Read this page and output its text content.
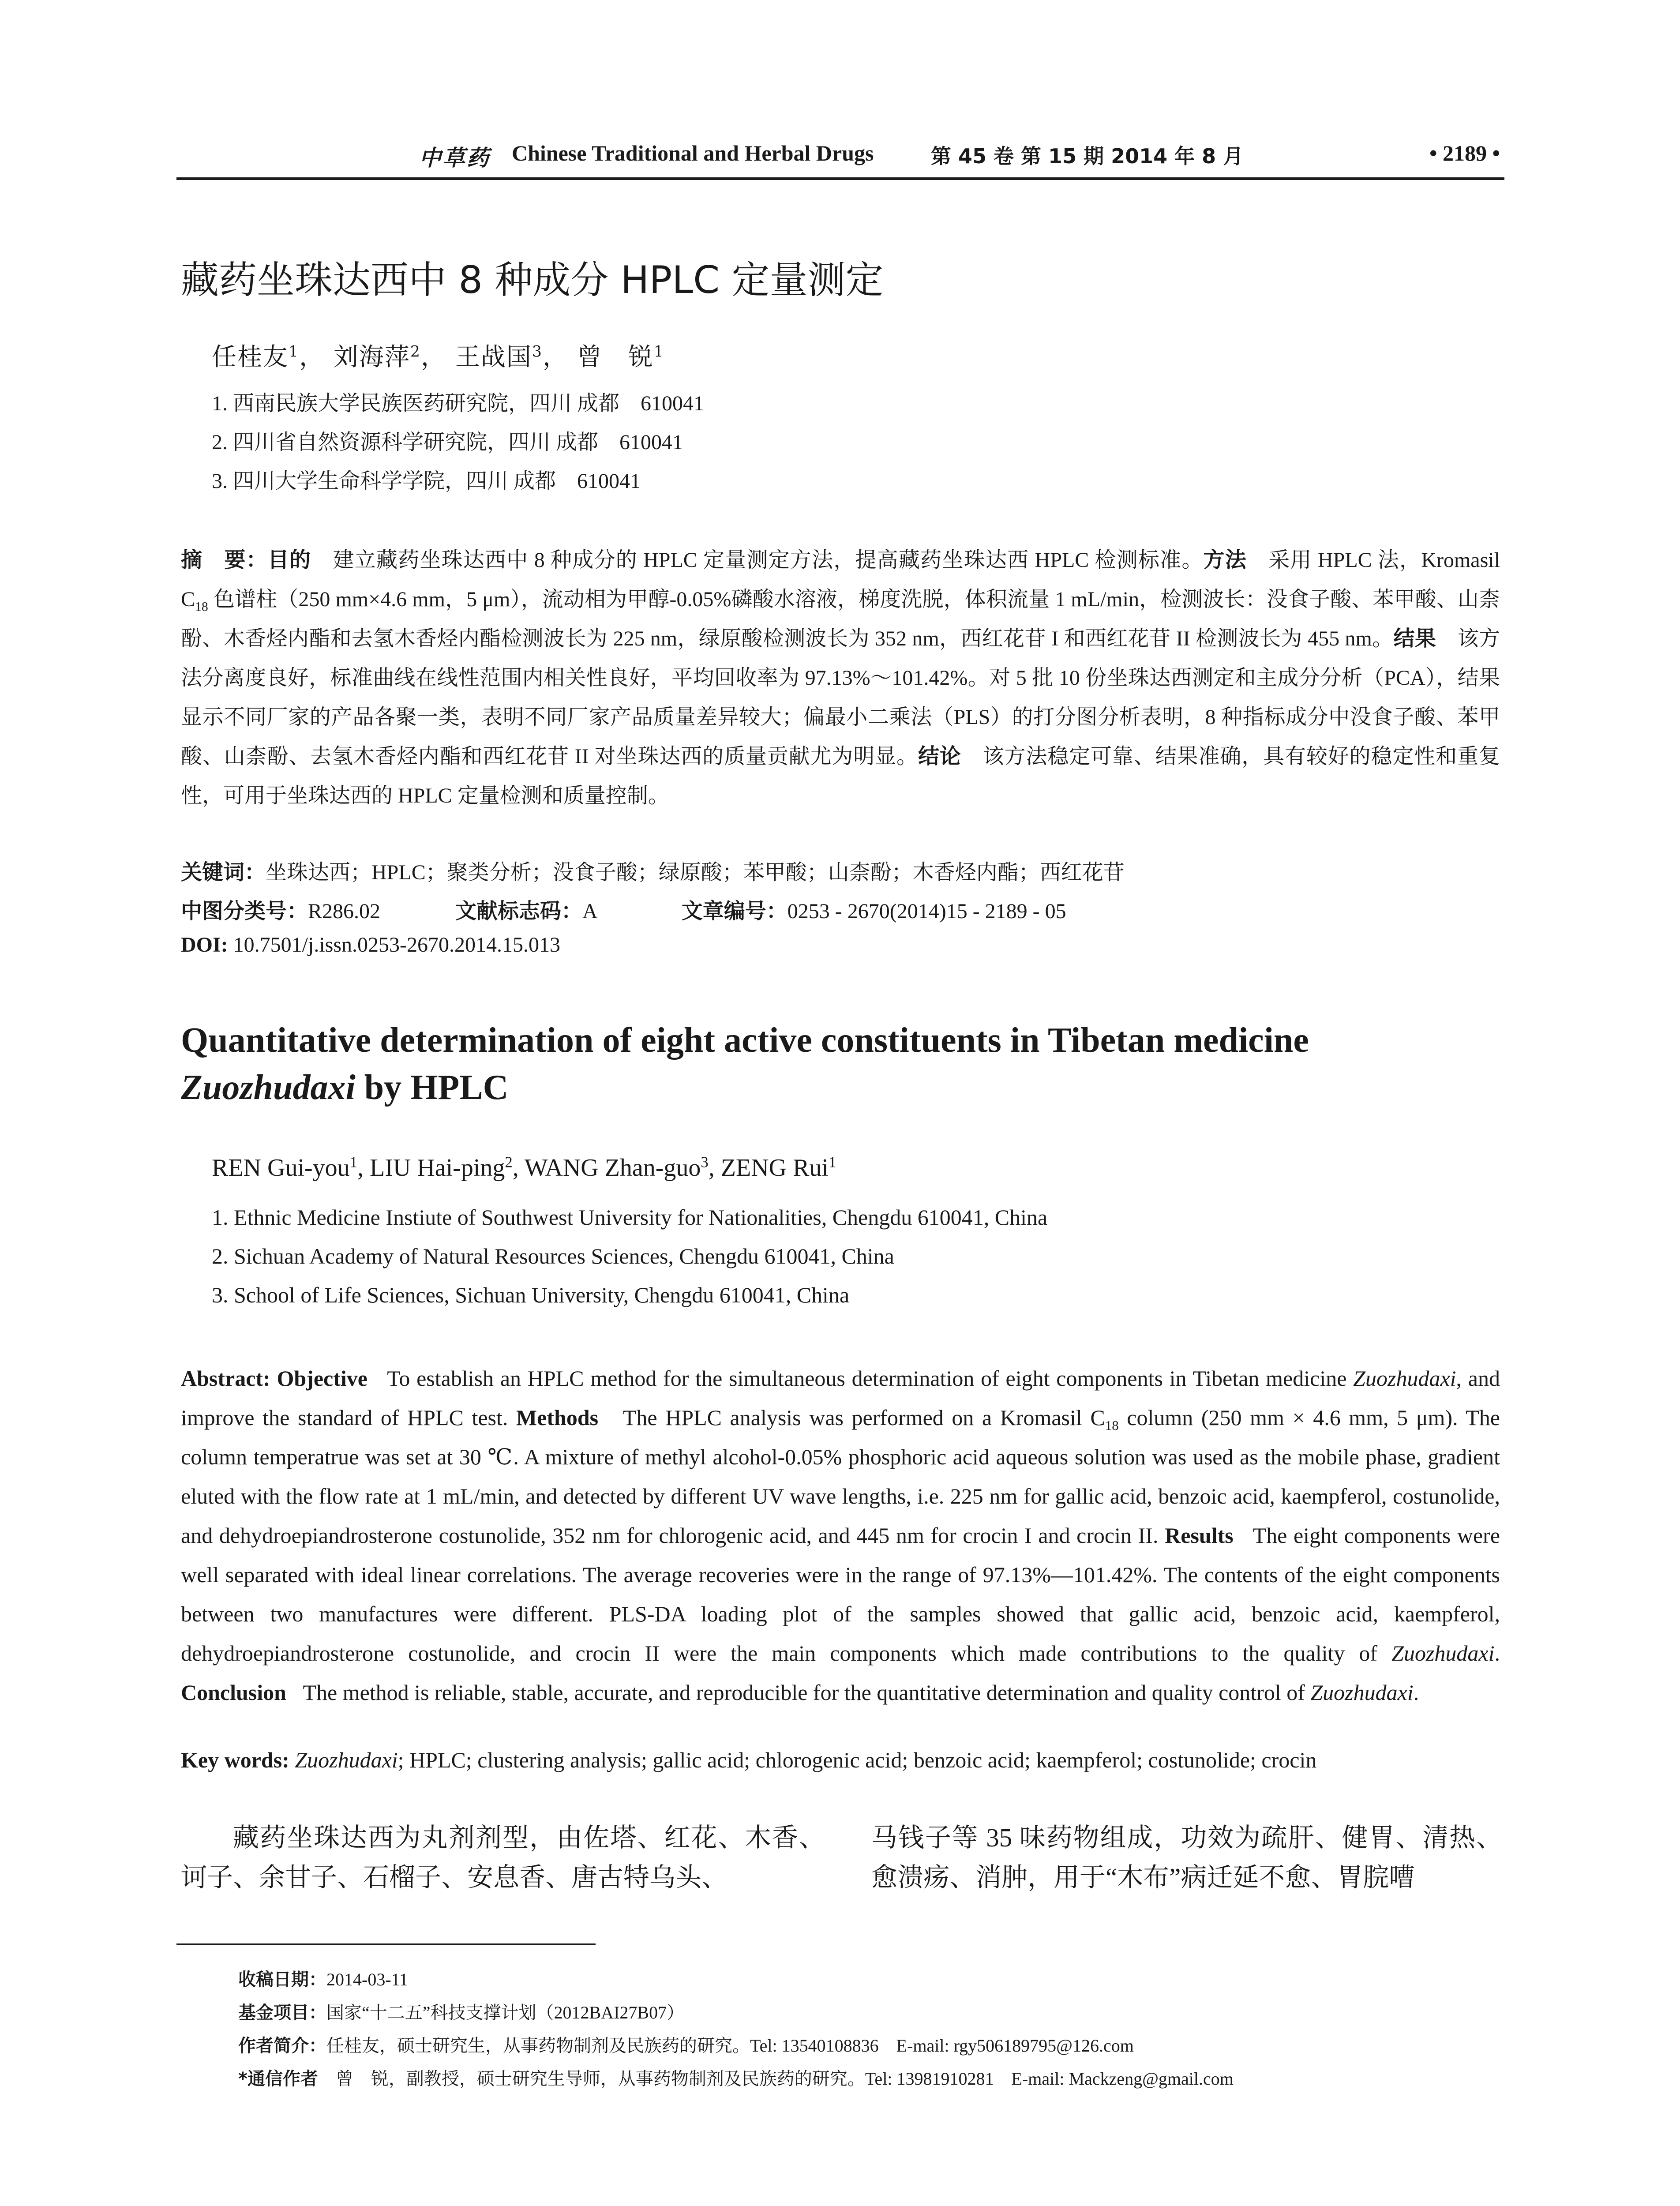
中草药 Chinese Traditional and Herbal Drugs	第 45 卷 第 15 期 2014 年 8 月	• 2189 •
藏药坐珠达西中 8 种成分 HPLC 定量测定
任桂友$^1$， 刘海萍$^2$， 王战国$^3$， 曾　锐$^1$
1. 西南民族大学民族医药研究院，四川 成都　610041
2. 四川省自然资源科学研究院，四川 成都　610041
3. 四川大学生命科学学院，四川 成都　610041
摘　要：目的　 建立藏药坐珠达西中 8 种成分的 HPLC 定量测定方法，提高藏药坐珠达西 HPLC 检测标准。方法　 采用 HPLC 法，Kromasil $C_{18}$ 色谱柱（250 mm×4.6 mm，5 μm），流动相为甲醇-0.05%磷酸水溶液，梯度洗脱，体积流量 1 mL/min，检测波长：没食子酸、苯甲酸、山柰酚、木香烃内酯和去氢木香烃内酯检测波长为 225 nm，绿原酸检测波长为 352 nm，西红花苷 I 和西红花苷 II 检测波长为 455 nm。结果　 该方法分离度良好，标准曲线在线性范围内相关性良好，平均回收率为 97.13%～101.42%。对 5 批 10 份坐珠达西测定和主成分分析（PCA），结果显示不同厂家的产品各聚一类，表明不同厂家产品质量差异较大；偏最小二乘法（PLS）的打分图分析表明，8 种指标成分中没食子酸、苯甲酸、山柰酚、去氢木香烃内酯和西红花苷 II 对坐珠达西的质量贡献尤为明显。结论　 该方法稳定可靠、结果准确，具有较好的稳定性和重复性，可用于坐珠达西的 HPLC 定量检测和质量控制。
关键词：坐珠达西；HPLC；聚类分析；没食子酸；绿原酸；苯甲酸；山柰酚；木香烃内酯；西红花苷
中图分类号：R286.02	文献标志码：A	文章编号：0253 - 2670(2014)15 - 2189 - 05
DOI: 10.7501/j.issn.0253-2670.2014.15.013
Quantitative determination of eight active constituents in Tibetan medicine
Zuozhudaxi by HPLC
REN Gui-you$^1$, LIU Hai-ping$^2$, WANG Zhan-guo$^3$, ZENG Rui$^1$
1. Ethnic Medicine Instiute of Southwest University for Nationalities, Chengdu 610041, China
2. Sichuan Academy of Natural Resources Sciences, Chengdu 610041, China
3. School of Life Sciences, Sichuan University, Chengdu 610041, China
Abstract: Objective To establish an HPLC method for the simultaneous determination of eight components in Tibetan medicine Zuozhudaxi, and improve the standard of HPLC test. Methods The HPLC analysis was performed on a Kromasil $C_{18}$ column (250 mm × 4.6 mm, 5 μm). The column temperatrue was set at 30 ℃. A mixture of methyl alcohol-0.05% phosphoric acid aqueous solution was used as the mobile phase, gradient eluted with the flow rate at 1 mL/min, and detected by different UV wave lengths, i.e. 225 nm for gallic acid, benzoic acid, kaempferol, costunolide, and dehydroepiandrosterone costunolide, 352 nm for chlorogenic acid, and 445 nm for crocin I and crocin II. Results The eight components were well separated with ideal linear correlations. The average recoveries were in the range of 97.13%—101.42%. The contents of the eight components between two manufactures were different. PLS-DA loading plot of the samples showed that gallic acid, benzoic acid, kaempferol, dehydroepiandrosterone costunolide, and crocin II were the main components which made contributions to the quality of Zuozhudaxi. Conclusion The method is reliable, stable, accurate, and reproducible for the quantitative determination and quality control of Zuozhudaxi.
Key words: Zuozhudaxi; HPLC; clustering analysis; gallic acid; chlorogenic acid; benzoic acid; kaempferol; costunolide; crocin
藏药坐珠达西为丸剂剂型，由佐塔、红花、木香、诃子、余甘子、石榴子、安息香、唐古特乌头、
马钱子等 35 味药物组成，功效为疏肝、健胃、清热、愈溃疡、消肿，用于“木布”病迁延不愈、胃脘嘈
收稿日期：2014-03-11
基金项目：国家“十二五”科技支撑计划（2012BAI27B07）
作者简介：任桂友，硕士研究生，从事药物制剂及民族药的研究。Tel: 13540108836　E-mail: rgy506189795@126.com
*通信作者　曾　锐，副教授，硕士研究生导师，从事药物制剂及民族药的研究。Tel: 13981910281　E-mail: Mackzeng@gmail.com
